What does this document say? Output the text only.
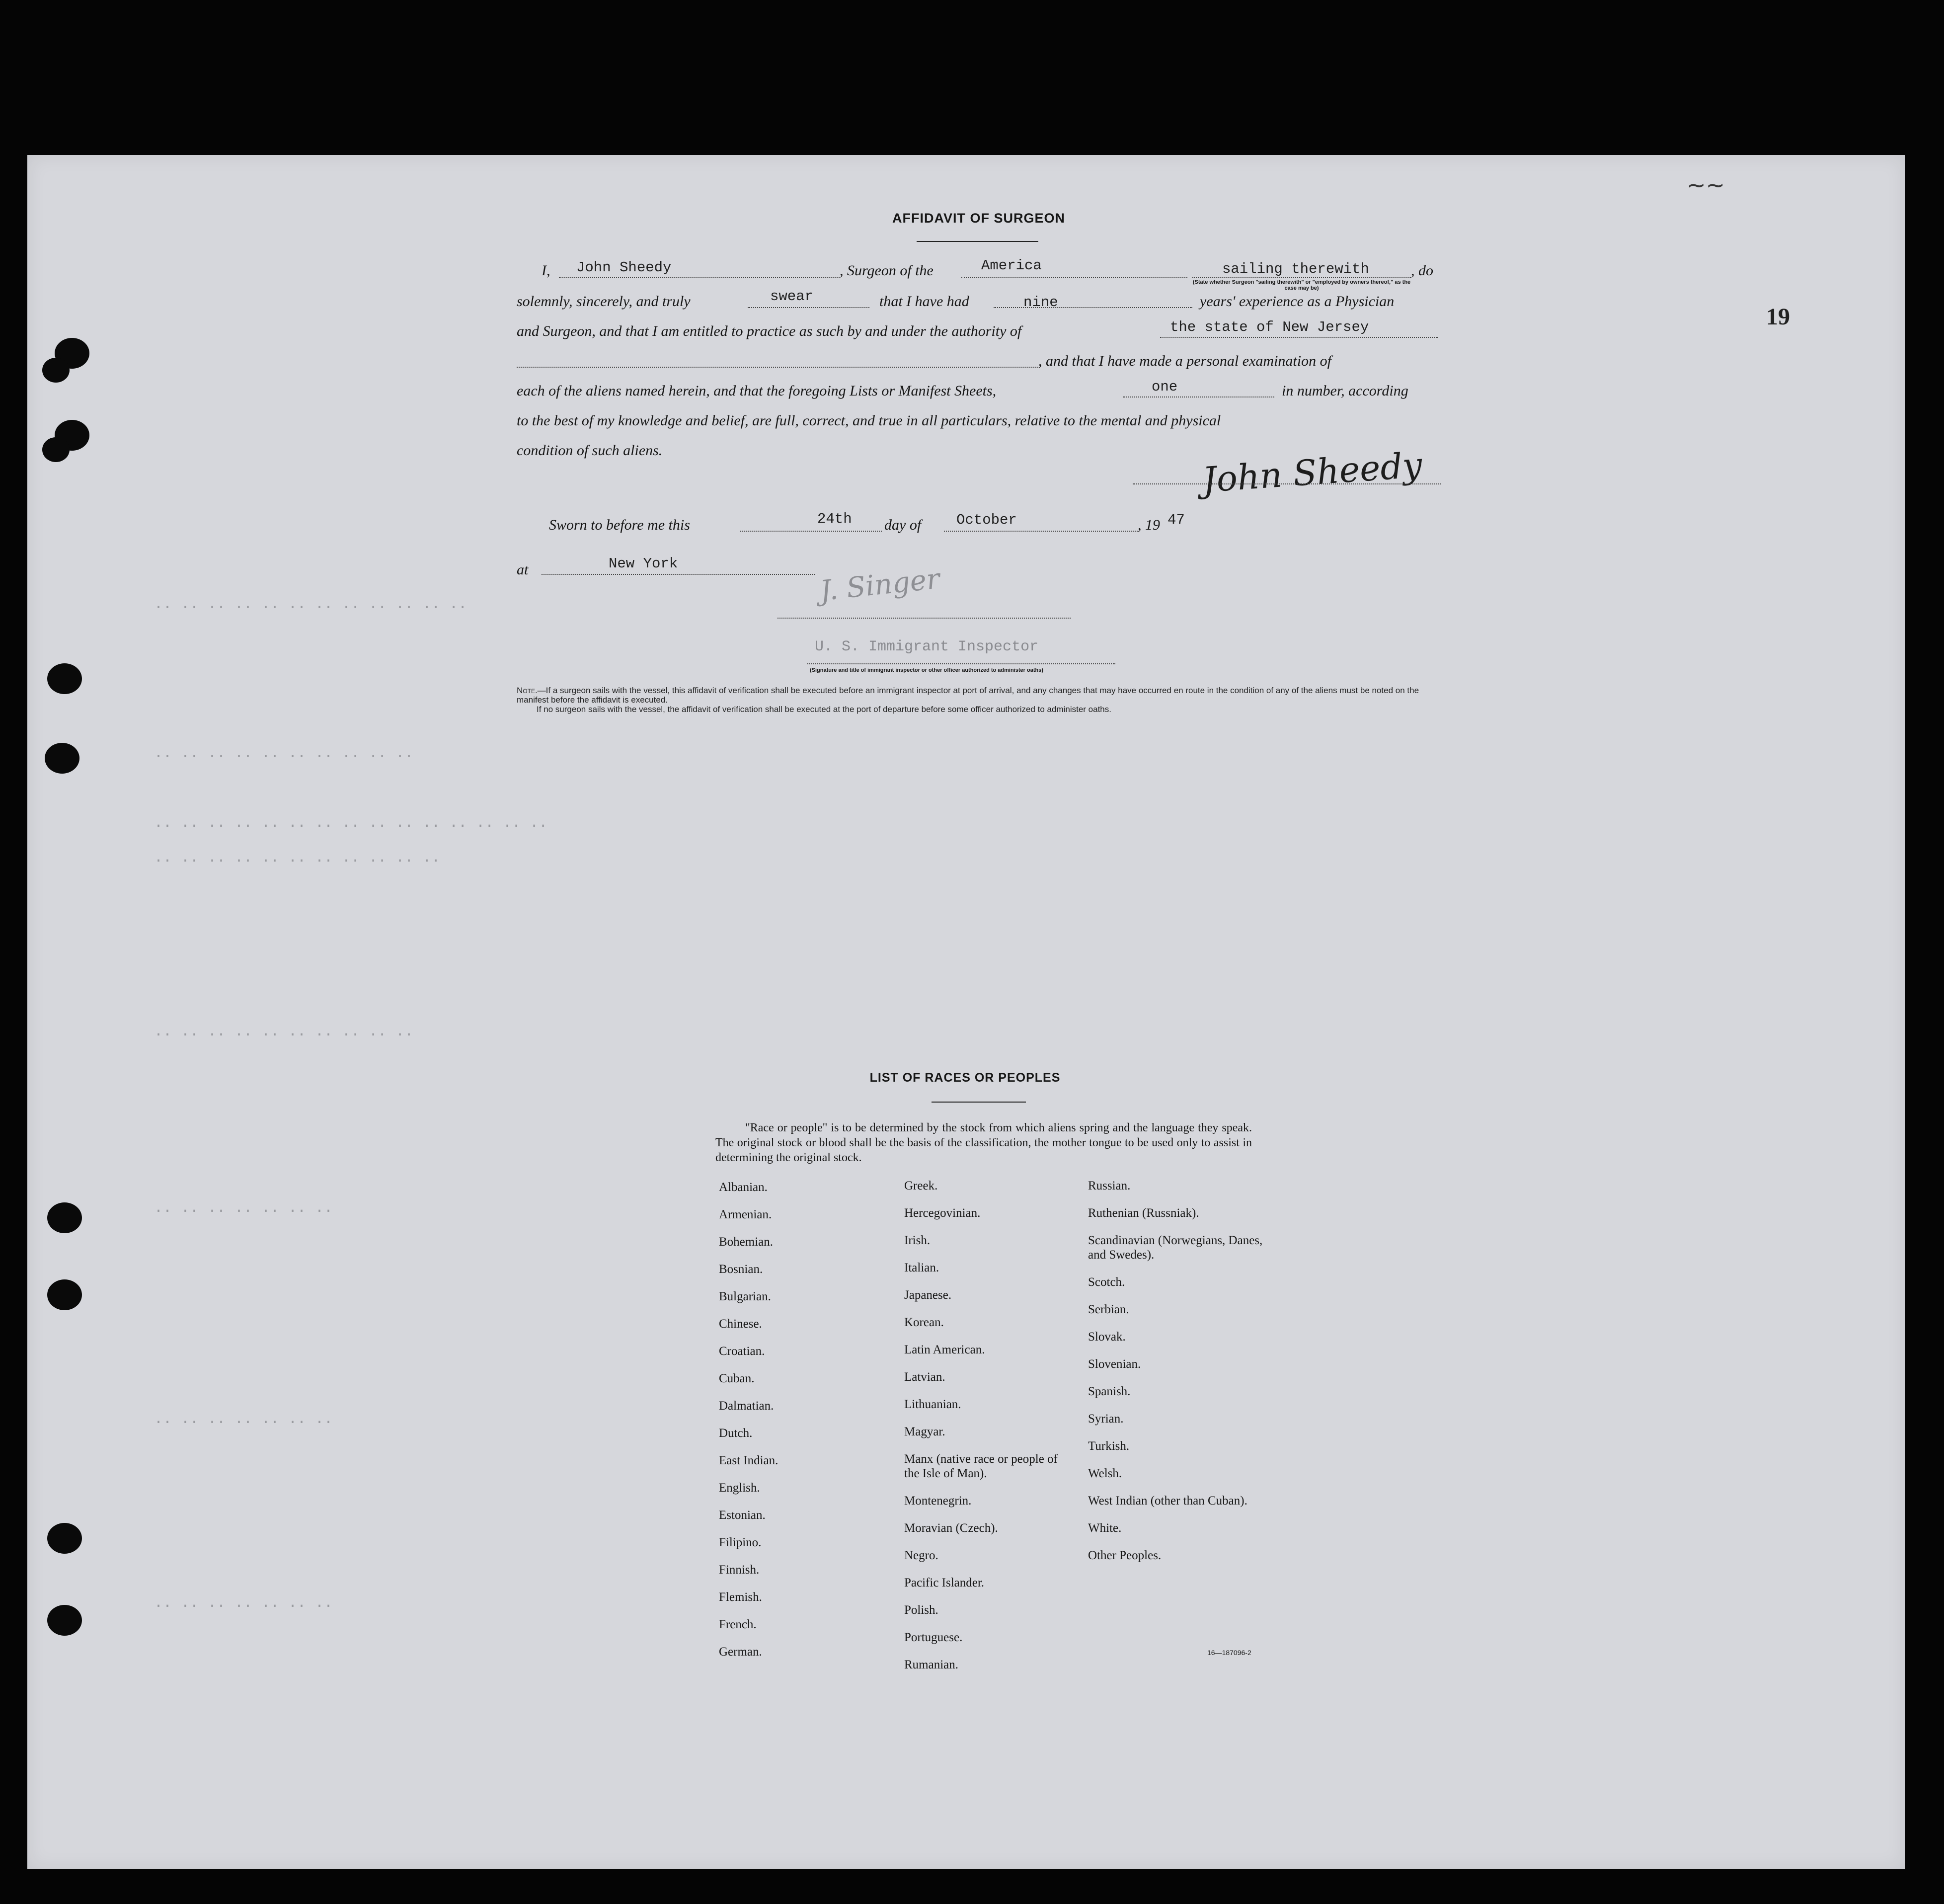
~~
19
.. .. .. .. .. .. .. .. .. .. .. ..
.. .. .. .. .. .. .. .. .. ..
.. .. .. .. .. .. .. .. .. .. .. .. .. .. ..
.. .. .. .. .. .. .. .. .. .. ..
.. .. .. .. .. .. .. .. .. ..
.. .. .. .. .. .. ..
.. .. .. .. .. .. ..
.. .. .. .. .. .. ..
AFFIDAVIT OF SURGEON
I, John Sheedy	, Surgeon of the	America	sailing therewith	, do
(State whether Surgeon "sailing therewith" or "employed by owners thereof," as the case may be)
solemnly, sincerely, and truly	swear	that I have had	nine	years' experience as a Physician
and Surgeon, and that I am entitled to practice as such by and under the authority of	the state of New Jersey
, and that I have made a personal examination of
each of the aliens named herein, and that the foregoing Lists or Manifest Sheets,	one	in number, according
to the best of my knowledge and belief, are full, correct, and true in all particulars, relative to the mental and physical
condition of such aliens.	John Sheedy
Sworn to before me this	24th day of October	, 19 47
at	New York	J. Singer
U. S. Immigrant Inspector
(Signature and title of immigrant inspector or other officer authorized to administer oaths)

Note.—If a surgeon sails with the vessel, this affidavit of verification shall be executed before an immigrant inspector at port of arrival, and any changes that may have occurred en route in the condition of any of the aliens must be noted on the manifest before the affidavit is executed.

If no surgeon sails with the vessel, the affidavit of verification shall be executed at the port of departure before some officer authorized to administer oaths.

LIST OF RACES OR PEOPLES
"Race or people" is to be determined by the stock from which aliens spring and the language they speak. The original stock or blood shall be the basis of the classification, the mother tongue to be used only to assist in determining the original stock.
Albanian.
Armenian.
Bohemian.
Bosnian.
Bulgarian.
Chinese.
Croatian.
Cuban.
Dalmatian.
Dutch.
East Indian.
English.
Estonian.
Filipino.
Finnish.
Flemish.
French.
German.
Greek.
Hercegovinian.
Irish.
Italian.
Japanese.
Korean.
Latin American.
Latvian.
Lithuanian.
Magyar.
Manx (native race or people of the Isle of Man).
Montenegrin.
Moravian (Czech).
Negro.
Pacific Islander.
Polish.
Portuguese.
Rumanian.
Russian.
Ruthenian (Russniak).
Scandinavian (Norwegians, Danes, and Swedes).
Scotch.
Serbian.
Slovak.
Slovenian.
Spanish.
Syrian.
Turkish.
Welsh.
West Indian (other than Cuban).
White.
Other Peoples.
16—187096-2
